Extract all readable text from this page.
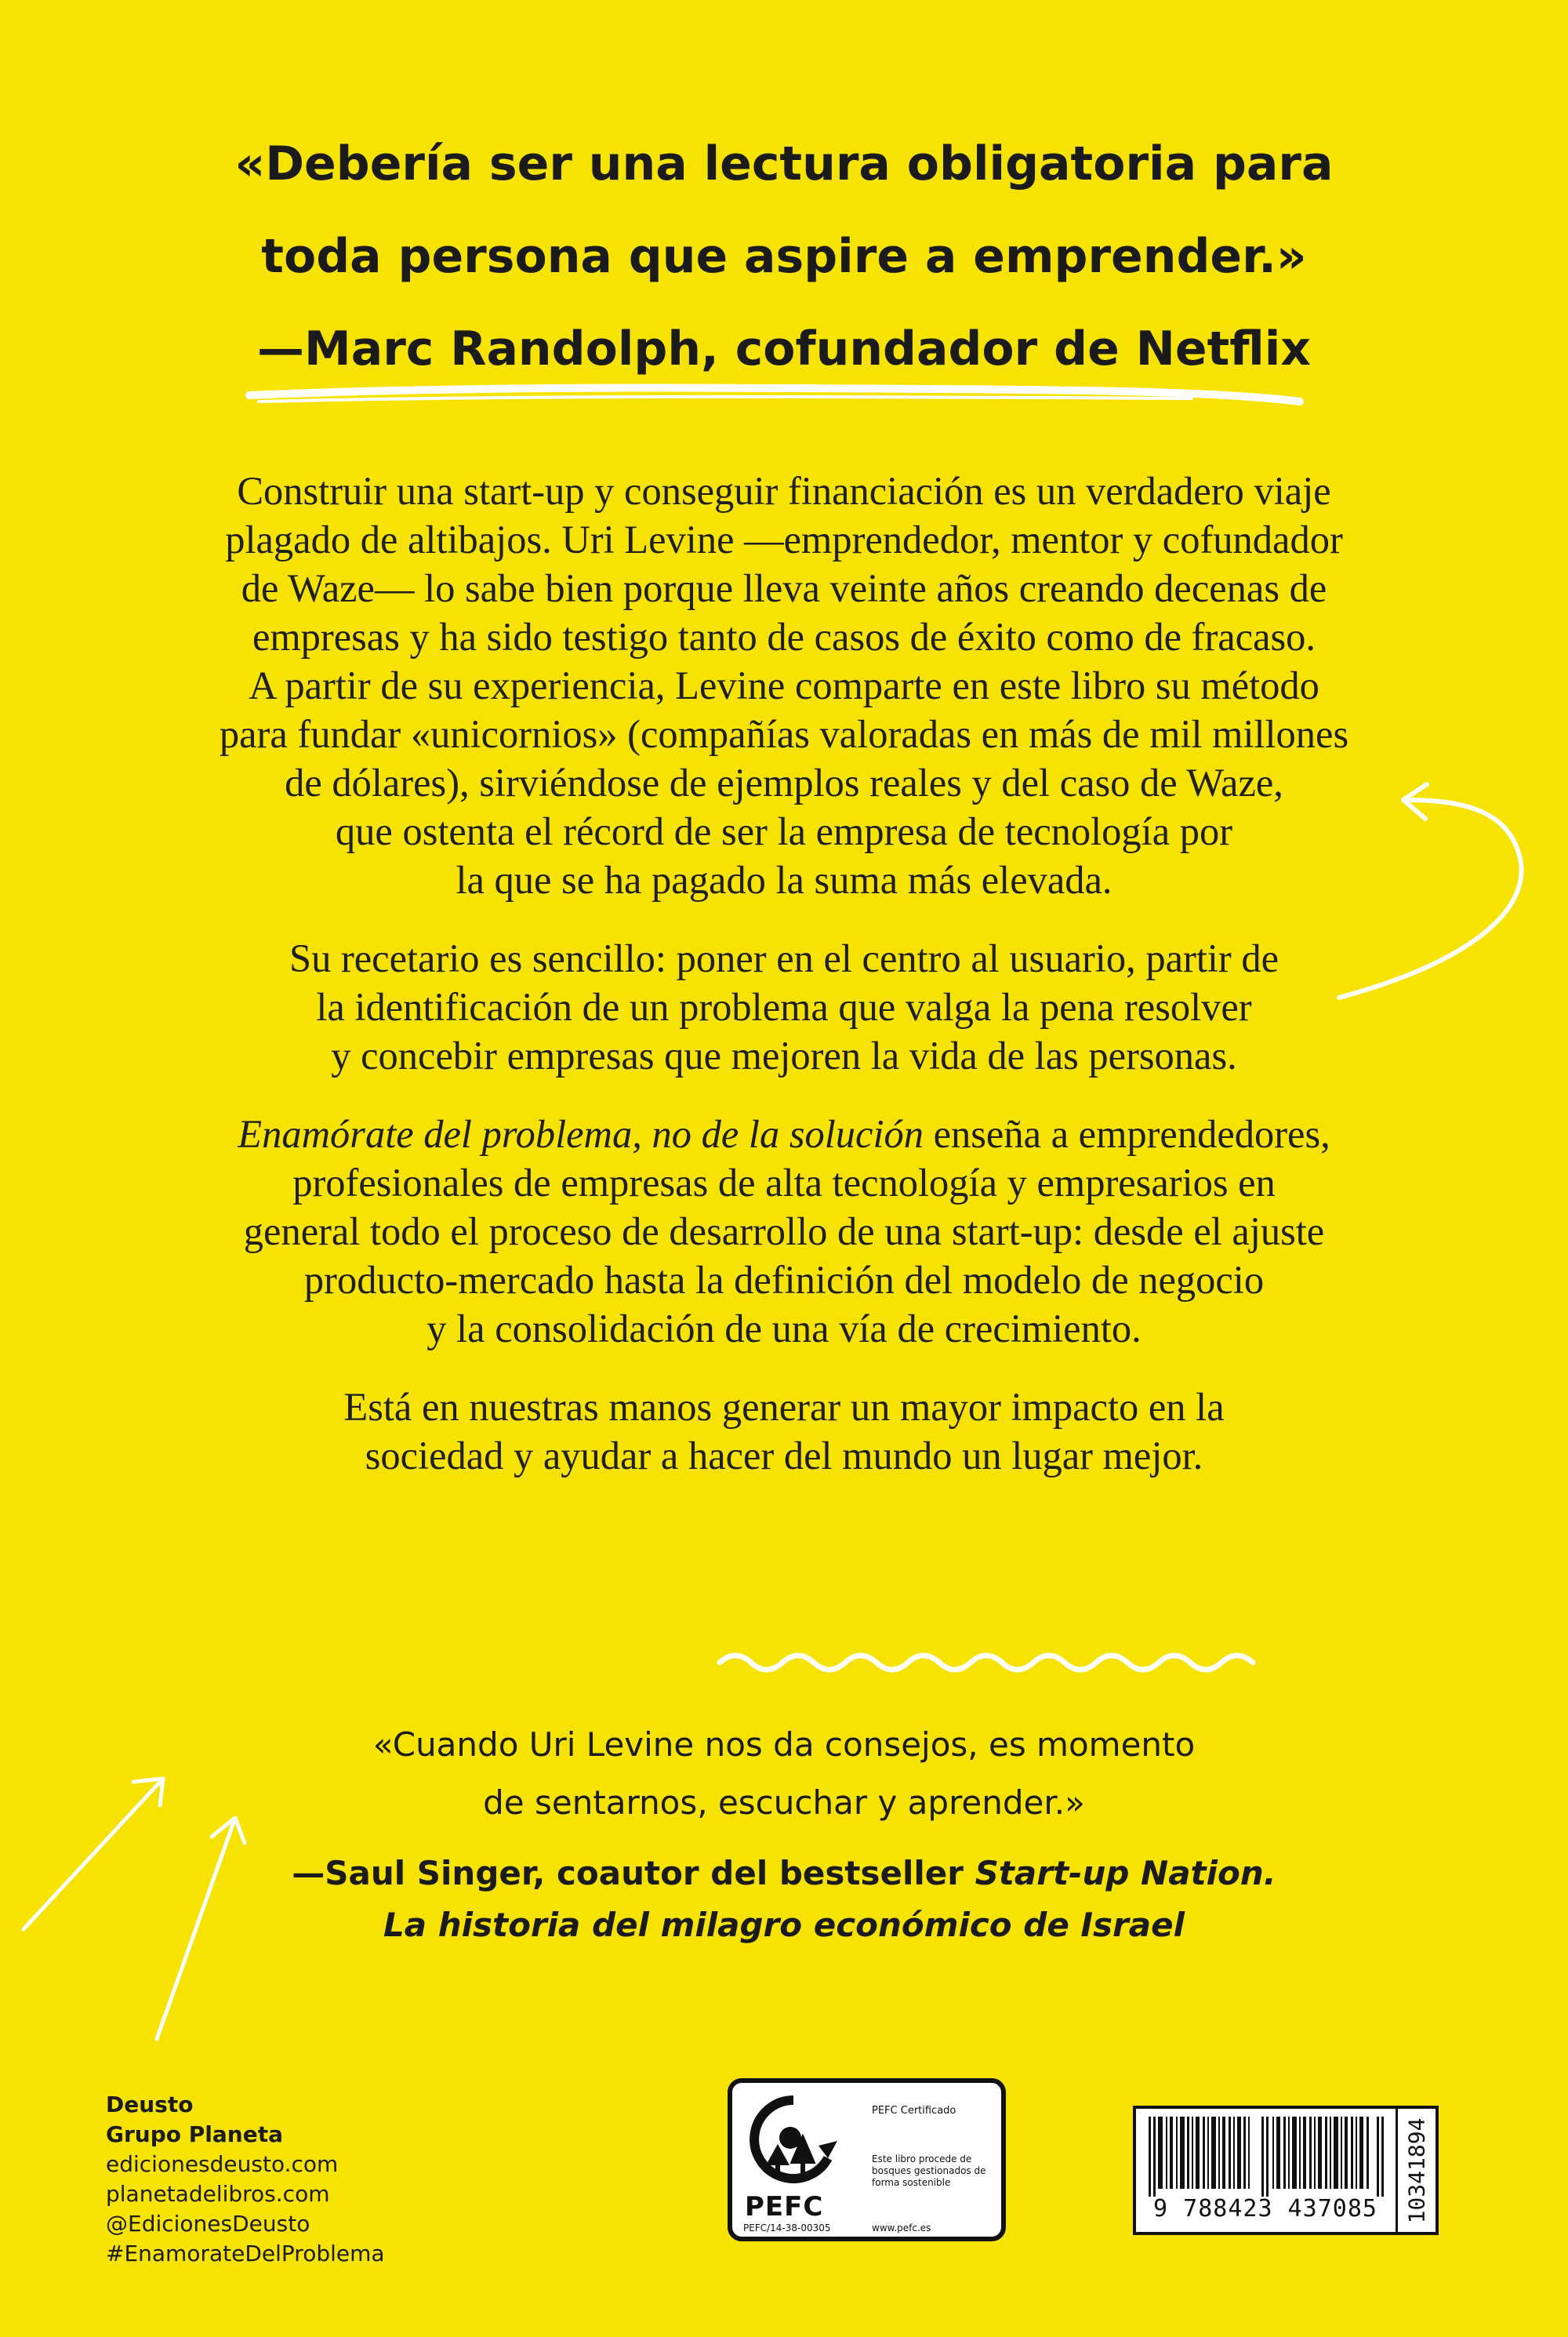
«Debería ser una lectura obligatoria para
toda persona que aspire a emprender.»
—Marc Randolph, cofundador de Netflix

Construir una start-up y conseguir financiación es un verdadero viaje
plagado de altibajos. Uri Levine —emprendedor, mentor y cofundador
de Waze— lo sabe bien porque lleva veinte años creando decenas de
empresas y ha sido testigo tanto de casos de éxito como de fracaso.
A partir de su experiencia, Levine comparte en este libro su método
para fundar «unicornios» (compañías valoradas en más de mil millones
de dólares), sirviéndose de ejemplos reales y del caso de Waze,
que ostenta el récord de ser la empresa de tecnología por
la que se ha pagado la suma más elevada.

Su recetario es sencillo: poner en el centro al usuario, partir de
la identificación de un problema que valga la pena resolver
y concebir empresas que mejoren la vida de las personas.

Enamórate del problema, no de la solución enseña a emprendedores,
profesionales de empresas de alta tecnología y empresarios en
general todo el proceso de desarrollo de una start-up: desde el ajuste
producto-mercado hasta la definición del modelo de negocio
y la consolidación de una vía de crecimiento.

Está en nuestras manos generar un mayor impacto en la
sociedad y ayudar a hacer del mundo un lugar mejor.

«Cuando Uri Levine nos da consejos, es momento
de sentarnos, escuchar y aprender.»
—Saul Singer, coautor del bestseller Start-up Nation.
La historia del milagro económico de Israel
Deusto
Grupo Planeta
edicionesdeusto.com
planetadelibros.com
@EdicionesDeusto
#EnamorateDelProblema
PEFC
PEFC/14-38-00305
PEFC Certificado
Este libro procede de bosques gestionados de forma sostenible
www.pefc.es
9 788423 437085	10341894
